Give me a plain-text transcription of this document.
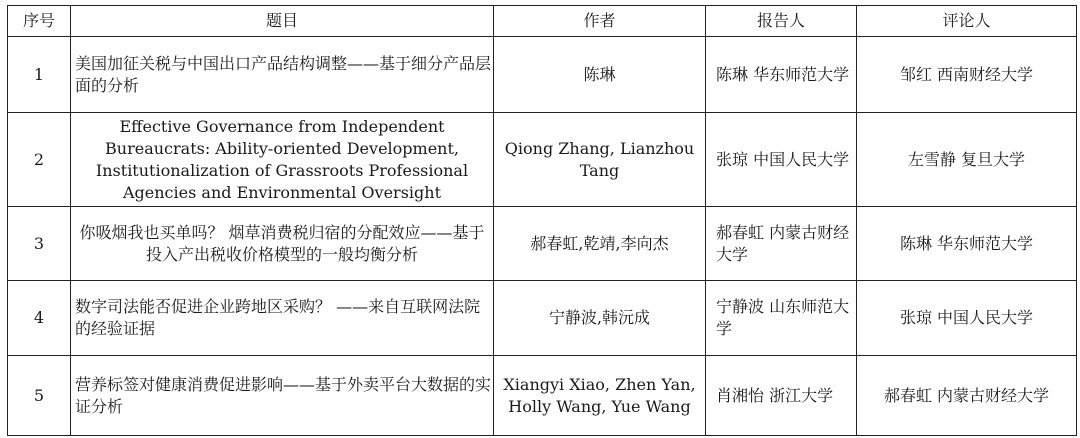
序号	题目	作者	报告人	评论人
1	美国加征关税与中国出口产品结构调整——基于细分产品层面的分析	陈琳	陈琳 华东师范大学	邹红 西南财经大学
2	Effective Governance from Independent Bureaucrats: Ability-oriented Development, Institutionalization of Grassroots Professional Agencies and Environmental Oversight	Qiong Zhang, Lianzhou Tang	张琼 中国人民大学	左雪静 复旦大学
3	你吸烟我也买单吗？ 烟草消费税归宿的分配效应——基于投入产出税收价格模型的一般均衡分析	郝春虹,乾靖,李向杰	郝春虹 内蒙古财经大学	陈琳 华东师范大学
4	数字司法能否促进企业跨地区采购？ ——来自互联网法院的经验证据	宁静波,韩沅成	宁静波 山东师范大学	张琼 中国人民大学
5	营养标签对健康消费促进影响——基于外卖平台大数据的实证分析	Xiangyi Xiao, Zhen Yan, Holly Wang, Yue Wang	肖湘怡 浙江大学	郝春虹 内蒙古财经大学
